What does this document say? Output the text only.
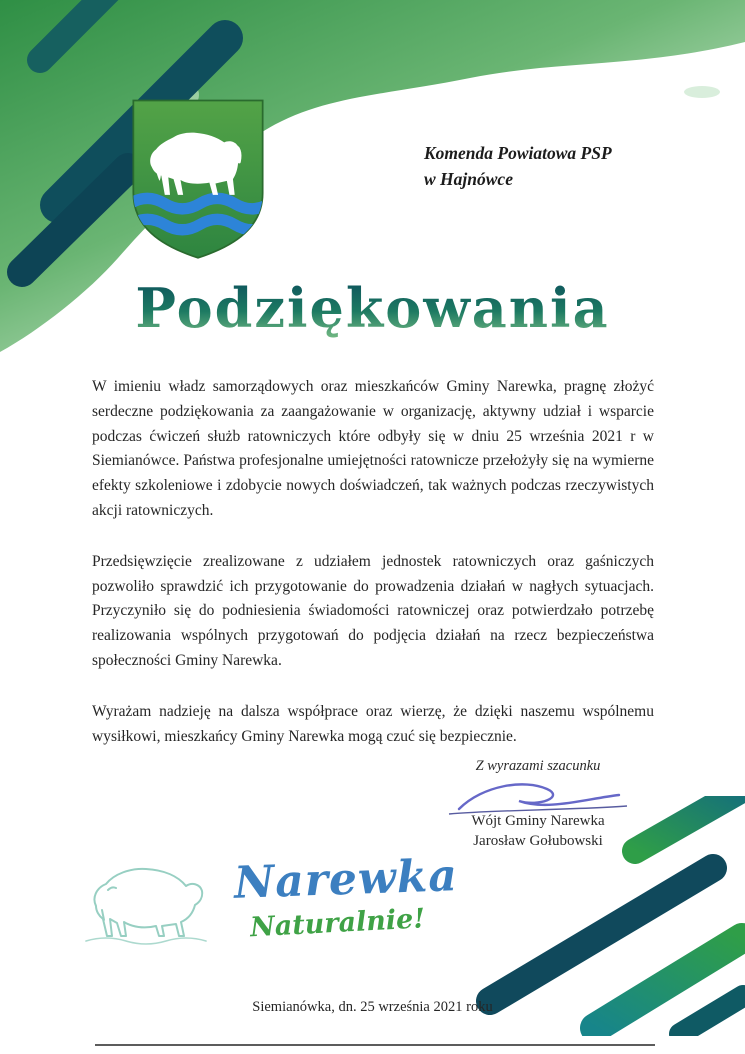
Komenda Powiatowa PSP
w Hajnówce
Podziękowania

W imieniu władz samorządowych oraz mieszkańców Gminy Narewka, pragnę złożyć serdeczne podziękowania za zaangażowanie w organizację, aktywny udział i wsparcie podczas ćwiczeń służb ratowniczych które odbyły się w dniu 25 września 2021 r w Siemianówce. Państwa profesjonalne umiejętności ratownicze przełożyły się na wymierne efekty szkoleniowe i zdobycie nowych doświadczeń, tak ważnych podczas rzeczywistych akcji ratowniczych.

Przedsięwzięcie zrealizowane z udziałem jednostek ratowniczych oraz gaśniczych pozwoliło sprawdzić ich przygotowanie do prowadzenia działań w nagłych sytuacjach. Przyczyniło się do podniesienia świadomości ratowniczej oraz potwierdzało potrzebę realizowania wspólnych przygotowań do podjęcia działań na rzecz bezpieczeństwa społeczności Gminy Narewka.

Wyrażam nadzieję na dalsza współprace oraz wierzę, że dzięki naszemu wspólnemu wysiłkowi, mieszkańcy Gminy Narewka mogą czuć się bezpiecznie.

Z wyrazami szacunku
Wójt Gminy Narewka
Jarosław Gołubowski
Narewka
Naturalnie!
Siemianówka, dn. 25 września 2021 roku
